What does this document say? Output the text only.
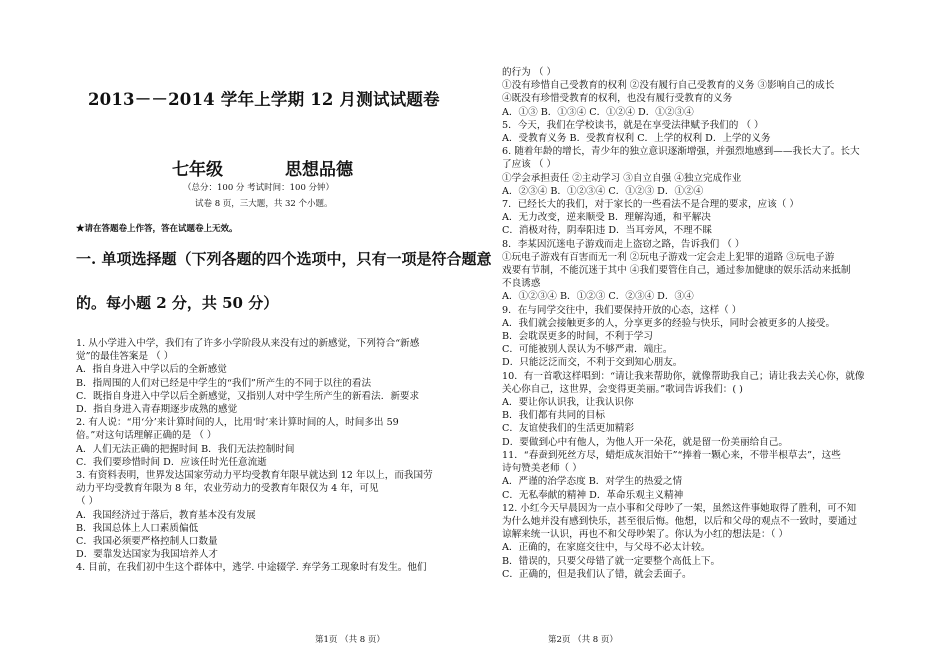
2013－－2014 学年上学期 12 月测试试题卷
七年级	思想品德
（总分：100 分 考试时间：100 分钟）
试卷 8 页，三大题，共 32 个小题。
★请在答题卷上作答，答在试题卷上无效。
一. 单项选择题（下列各题的四个选项中，只有一项是符合题意
的。每小题 2 分，共 50 分）
1. 从小学进入中学，我们有了许多小学阶段从来没有过的新感觉，下列符合“新感
觉”的最佳答案是 （ ）
A．指自身进入中学以后的全新感觉
B．指周围的人们对已经是中学生的“我们”所产生的不同于以往的看法
C．既指自身进入中学以后全新感觉，又指别人对中学生所产生的新看法．新要求
D．指自身进入青春期逐步成熟的感觉
2. 有人说：“用‘分’来计算时间的人，比用‘时’来计算时间的人，时间多出 59
倍。”对这句话理解正确的是 （ ）
A．人们无法正确的把握时间 B．我们无法控制时间
C．我们要珍惜时间 D．应该任时光任意流逝
3. 有资料表明，世界发达国家劳动力平均受教育年限早就达到 12 年以上，而我国劳
动力平均受教育年限为 8 年，农业劳动力的受教育年限仅为 4 年，可见
（ ）
A．我国经济过于落后，教育基本没有发展
B．我国总体上人口素质偏低
C．我国必须要严格控制人口数量
D．要靠发达国家为我国培养人才
4. 目前，在我们初中生这个群体中，逃学. 中途辍学. 弃学务工现象时有发生。他们
第1页 （共 8 页）
的行为 （ ）
①没有珍惜自己受教育的权利 ②没有履行自己受教育的义务 ③影响自己的成长
④既没有珍惜受教育的权利，也没有履行受教育的义务
A．①③ B．①③④ C．①②④ D．①②③④
5．今天，我们在学校读书，就是在享受法律赋予我们的 （ ）
A．受教育义务 B．受教育权利 C．上学的权利 D．上学的义务
6. 随着年龄的增长，青少年的独立意识逐渐增强，并强烈地感到——我长大了。长大
了应该 （ ）
①学会承担责任 ②主动学习 ③自立自强 ④独立完成作业
A．②③④ B．①②③④ C．①②③ D．①②④
7．已经长大的我们，对于家长的一些看法不是合理的要求，应该（ ）
A．无力改变，逆来顺受 B．理解沟通，和平解决
C．消极对待，阴奉阳违 D．当耳旁风，不理不睬
8．李某因沉迷电子游戏而走上盗窃之路，告诉我们 （ ）
①玩电子游戏有百害而无一利 ②玩电子游戏一定会走上犯罪的道路 ③玩电子游
戏要有节制，不能沉迷于其中 ④我们要管住自己，通过参加健康的娱乐活动来抵制
不良诱惑
A．①②③④ B．①②③ C．②③④ D．③④
9．在与同学交往中，我们要保持开放的心态，这样（ ）
A．我们就会接触更多的人，分享更多的经验与快乐，同时会被更多的人接受。
B．会耽误更多的时间，不利于学习
C．可能被别人误认为不够严肃．端庄。
D．只能泛泛而交，不利于交到知心朋友。
10．有一首歌这样唱到：“请让我来帮助你，就像帮助我自己；请让我去关心你，就像
关心你自己，这世界，会变得更美丽。”歌词告诉我们：( )
A．要让你认识我，让我认识你
B．我们都有共同的目标
C．友谊使我们的生活更加精彩
D．要做到心中有他人，为他人开一朵花，就是留一份美丽给自己。
11．“春蚕到死丝方尽，蜡炬成灰泪始干”“捧着一颗心来，不带半根草去”，这些
诗句赞美老师（ ）
A．严谨的治学态度 B．对学生的热爱之情
C．无私奉献的精神 D．革命乐观主义精神
12. 小红今天早晨因为一点小事和父母吵了一架，虽然这件事她取得了胜利，可不知
为什么她并没有感到快乐，甚至很后悔。他想，以后和父母的观点不一致时，要通过
谅解来统一认识，再也不和父母吵架了。你认为小红的想法是：（ ）
A．正确的，在家庭交往中，与父母不必太计较。
B．错误的，只要父母错了就一定要整个高低上下。
C．正确的，但是我们认了错，就会丢面子。
第2页 （共 8 页）
